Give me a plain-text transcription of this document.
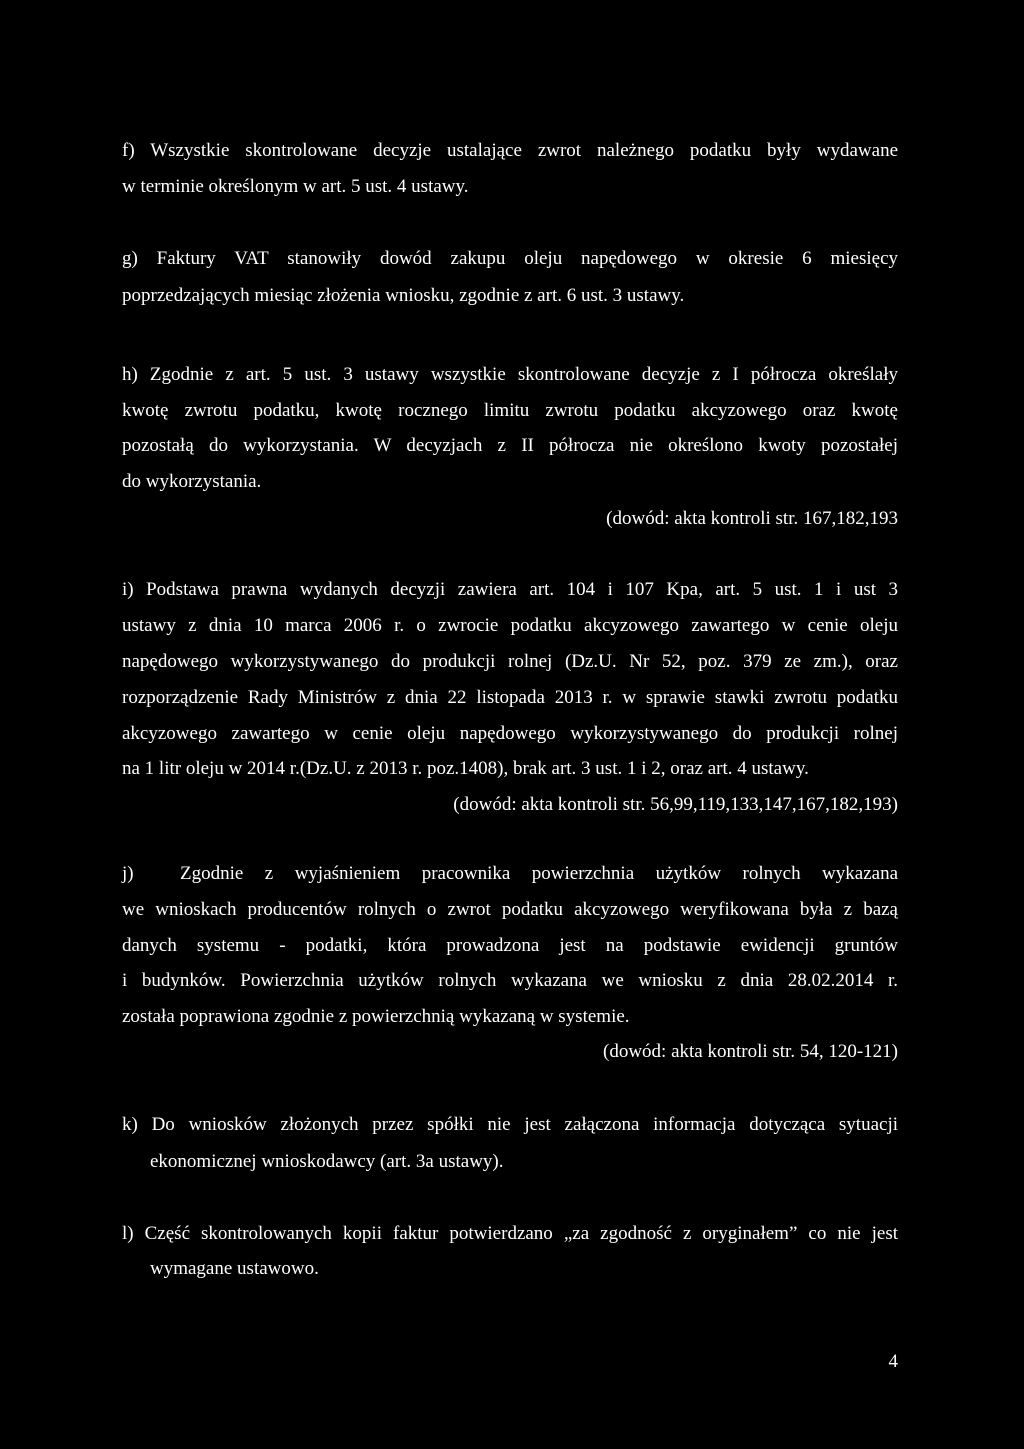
f) Wszystkie skontrolowane decyzje ustalające zwrot należnego podatku były wydawane
w terminie określonym w art. 5 ust. 4 ustawy.
g) Faktury VAT stanowiły dowód zakupu oleju napędowego w okresie 6 miesięcy
poprzedzających miesiąc złożenia wniosku, zgodnie z art. 6 ust. 3 ustawy.
h) Zgodnie z art. 5 ust. 3 ustawy wszystkie skontrolowane decyzje z I półrocza określały
kwotę zwrotu podatku, kwotę rocznego limitu zwrotu podatku akcyzowego oraz kwotę
pozostałą do wykorzystania. W decyzjach z II półrocza nie określono kwoty pozostałej
do wykorzystania.
(dowód: akta kontroli str. 167,182,193
i) Podstawa prawna wydanych decyzji zawiera art. 104 i 107 Kpa, art. 5 ust. 1 i ust 3
ustawy z dnia 10 marca 2006 r. o zwrocie podatku akcyzowego zawartego w cenie oleju
napędowego wykorzystywanego do produkcji rolnej (Dz.U. Nr 52, poz. 379 ze zm.), oraz
rozporządzenie Rady Ministrów z dnia 22 listopada 2013 r. w sprawie stawki zwrotu podatku
akcyzowego zawartego w cenie oleju napędowego wykorzystywanego do produkcji rolnej
na 1 litr oleju w 2014 r.(Dz.U. z 2013 r. poz.1408), brak art. 3 ust. 1 i 2, oraz art. 4 ustawy.
(dowód: akta kontroli str. 56,99,119,133,147,167,182,193)
j)	Zgodnie z wyjaśnieniem pracownika powierzchnia użytków rolnych wykazana
we wnioskach producentów rolnych o zwrot podatku akcyzowego weryfikowana była z bazą
danych systemu - podatki, która prowadzona jest na podstawie ewidencji gruntów
i budynków. Powierzchnia użytków rolnych wykazana we wniosku z dnia 28.02.2014 r.
została poprawiona zgodnie z powierzchnią wykazaną w systemie.
(dowód: akta kontroli str. 54, 120-121)
k) Do wniosków złożonych przez spółki nie jest załączona informacja dotycząca sytuacji
ekonomicznej wnioskodawcy (art. 3a ustawy).
l) Część skontrolowanych kopii faktur potwierdzano „za zgodność z oryginałem” co nie jest
wymagane ustawowo.
4
